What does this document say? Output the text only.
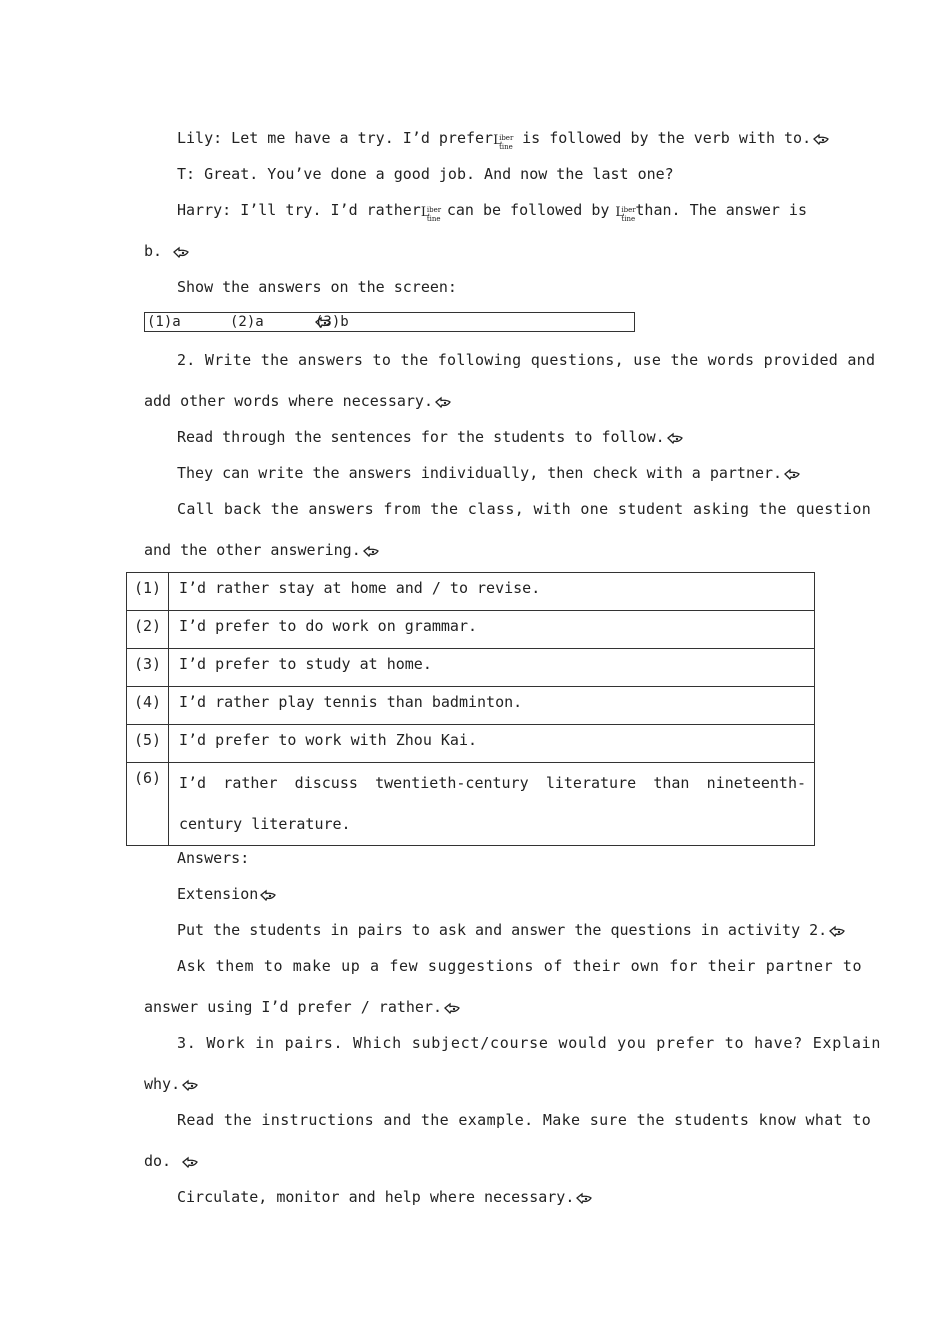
Lily: Let me have a try. I’d prefer L
iber
tine is followed by the verb with to.
T: Great. You’ve done a good job. And now the last one?
Harry: I’ll try. I’d rather L
iber
tine can be followed by L
iber
tine than. The answer is
b.
Show the answers on the screen:
(1)a	(2)a	(3)b
2. Write the answers to the following questions, use the words provided and
add other words where necessary.
Read through the sentences for the students to follow.
They can write the answers individually, then check with a partner.
Call back the answers from the class, with one student asking the question
and the other answering.
(1)	I’d rather stay at home and / to revise.
(2)	I’d prefer to do work on grammar.
(3)	I’d prefer to study at home.
(4)	I’d rather play tennis than badminton.
(5)	I’d prefer to work with Zhou Kai.
(6)	I’d rather discuss twentieth-century literature than nineteenth-century literature.
Answers:
Extension
Put the students in pairs to ask and answer the questions in activity 2.
Ask them to make up a few suggestions of their own for their partner to
answer using I’d prefer / rather.
3. Work in pairs. Which subject/course would you prefer to have? Explain
why.
Read the instructions and the example. Make sure the students know what to
do.
Circulate, monitor and help where necessary.
